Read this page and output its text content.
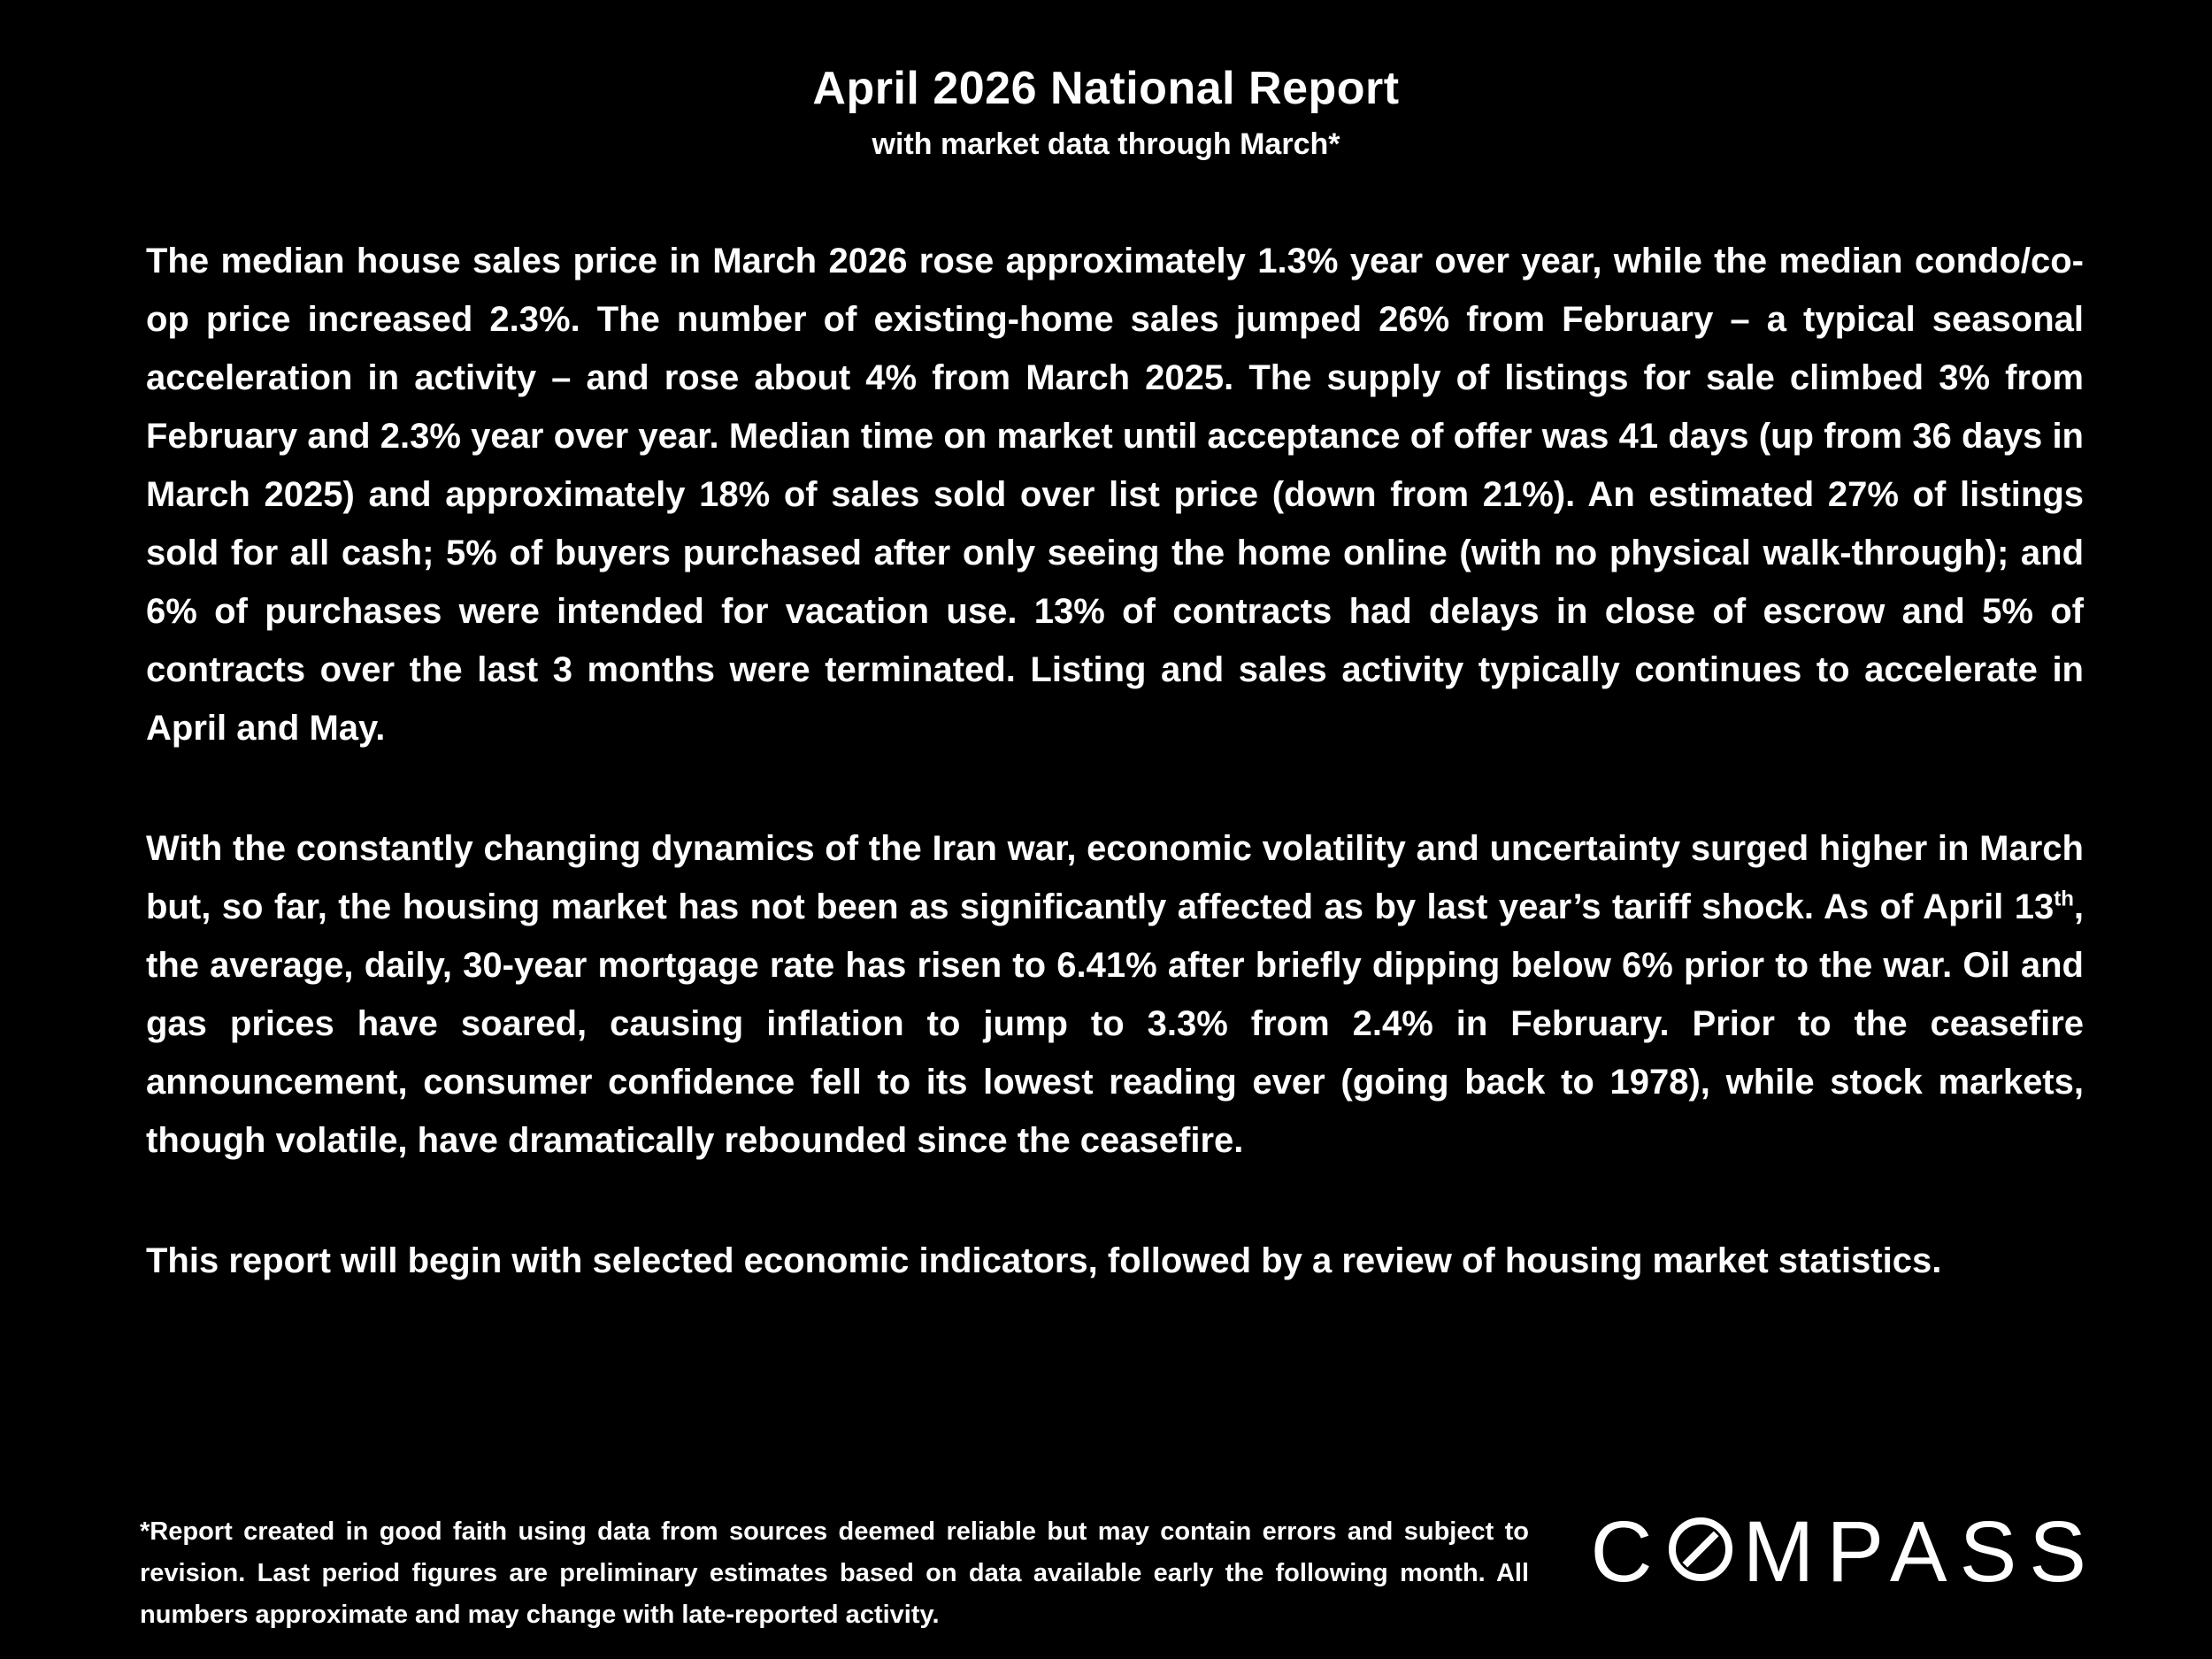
April 2026 National Report
with market data through March*

The median house sales price in March 2026 rose approximately 1.3% year over year, while the median condo/co-op price increased 2.3%. The number of existing-home sales jumped 26% from February – a typical seasonal acceleration in activity – and rose about 4% from March 2025. The supply of listings for sale climbed 3% from February and 2.3% year over year. Median time on market until acceptance of offer was 41 days (up from 36 days in March 2025) and approximately 18% of sales sold over list price (down from 21%). An estimated 27% of listings sold for all cash; 5% of buyers purchased after only seeing the home online (with no physical walk-through); and 6% of purchases were intended for vacation use. 13% of contracts had delays in close of escrow and 5% of contracts over the last 3 months were terminated. Listing and sales activity typically continues to accelerate in April and May.

With the constantly changing dynamics of the Iran war, economic volatility and uncertainty surged higher in March but, so far, the housing market has not been as significantly affected as by last year’s tariff shock. As of April 13th, the average, daily, 30-year mortgage rate has risen to 6.41% after briefly dipping below 6% prior to the war. Oil and gas prices have soared, causing inflation to jump to 3.3% from 2.4% in February. Prior to the ceasefire announcement, consumer confidence fell to its lowest reading ever (going back to 1978), while stock markets, though volatile, have dramatically rebounded since the ceasefire.

This report will begin with selected economic indicators, followed by a review of housing market statistics.

*Report created in good faith using data from sources deemed reliable but may contain errors and subject to revision. Last period figures are preliminary estimates based on data available early the following month. All numbers approximate and may change with late-reported activity.

C MPASS
